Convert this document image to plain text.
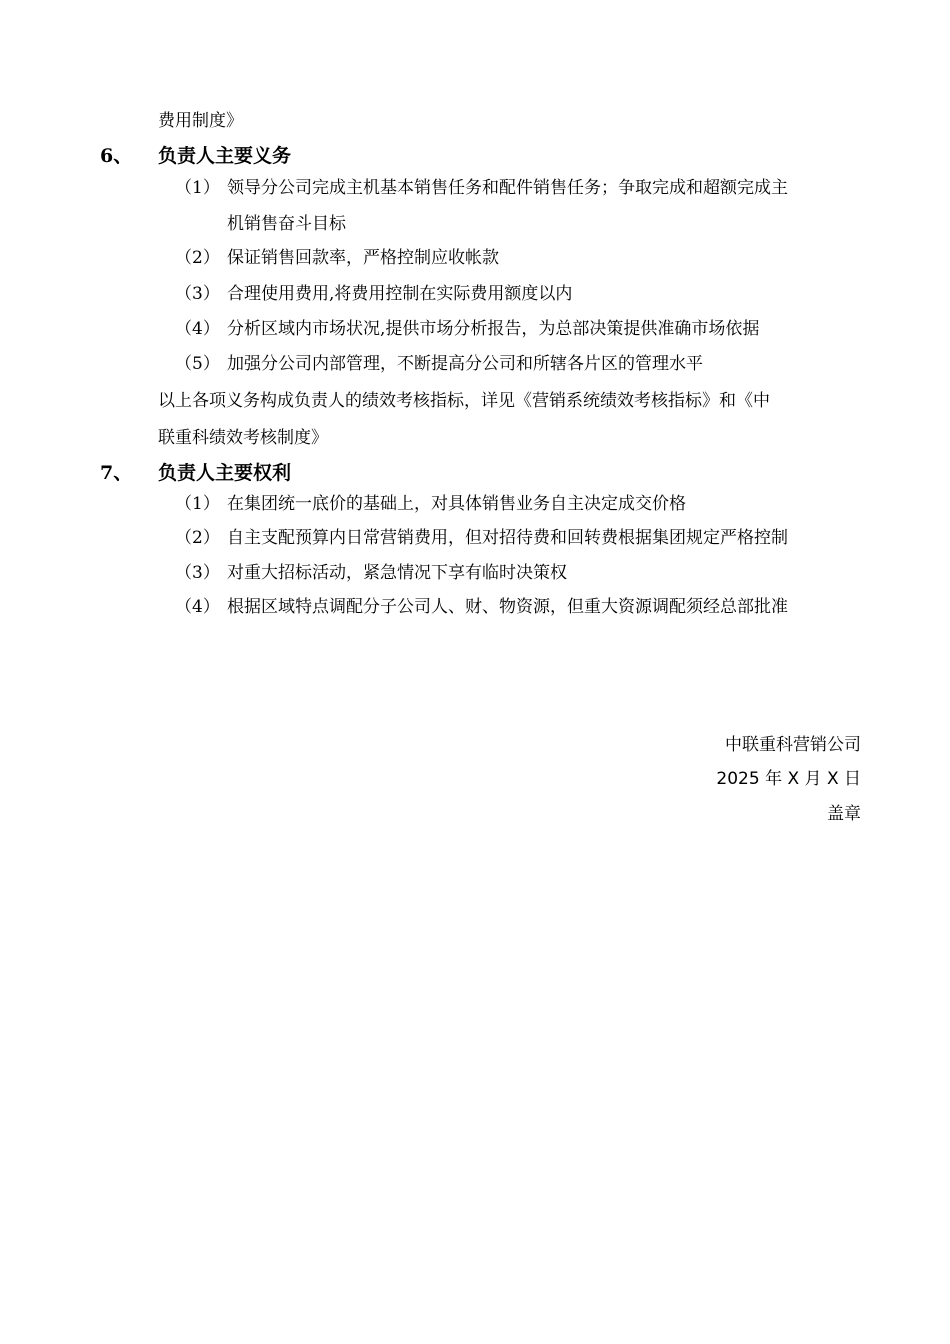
费用制度》
6、 负责人主要义务
（1） 领导分公司完成主机基本销售任务和配件销售任务；争取完成和超额完成主
机销售奋斗目标
（2） 保证销售回款率，严格控制应收帐款
（3） 合理使用费用,将费用控制在实际费用额度以内
（4） 分析区域内市场状况,提供市场分析报告，为总部决策提供准确市场依据
（5） 加强分公司内部管理，不断提高分公司和所辖各片区的管理水平
以上各项义务构成负责人的绩效考核指标，详见《营销系统绩效考核指标》和《中
联重科绩效考核制度》
7、 负责人主要权利
（1） 在集团统一底价的基础上，对具体销售业务自主决定成交价格
（2） 自主支配预算内日常营销费用，但对招待费和回转费根据集团规定严格控制
（3） 对重大招标活动，紧急情况下享有临时决策权
（4） 根据区域特点调配分子公司人、财、物资源，但重大资源调配须经总部批准
中联重科营销公司
2025 年 X 月 X 日
盖章
